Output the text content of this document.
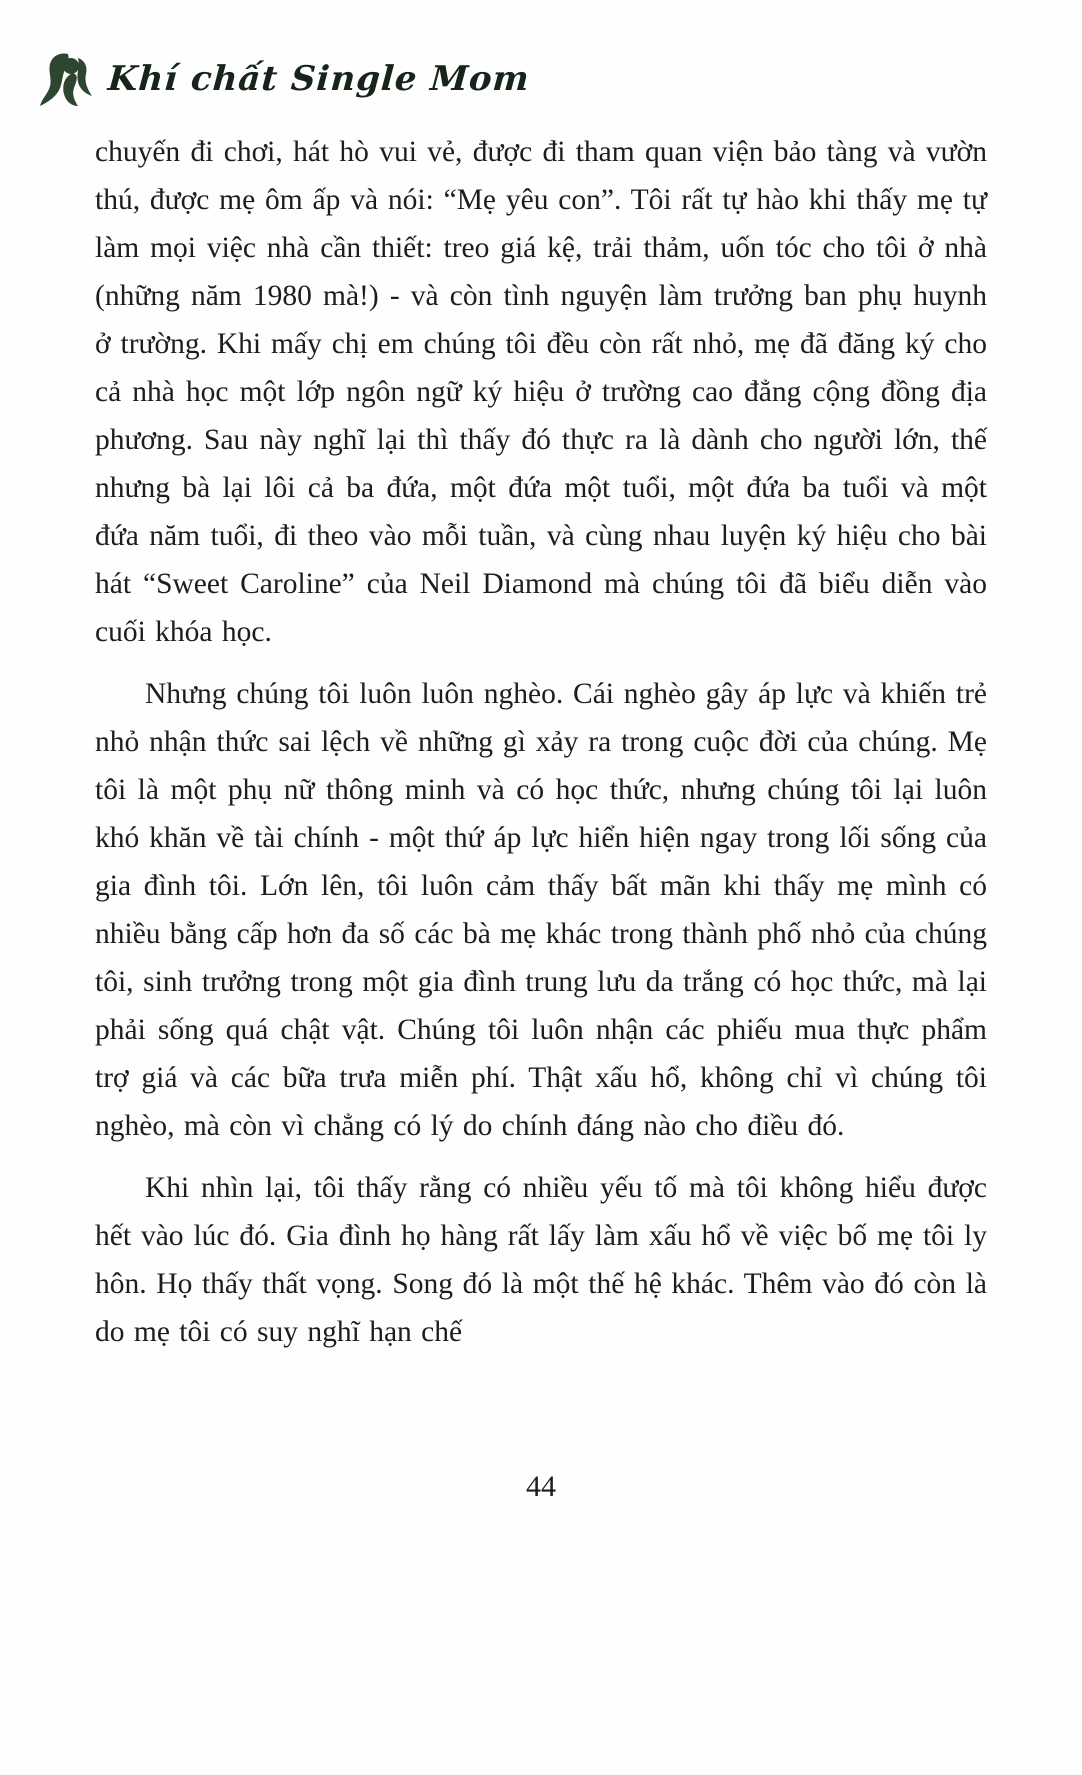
Khí chất Single Mom

chuyến đi chơi, hát hò vui vẻ, được đi tham quan viện bảo tàng và vườn thú, được mẹ ôm ấp và nói: “Mẹ yêu con”. Tôi rất tự hào khi thấy mẹ tự làm mọi việc nhà cần thiết: treo giá kệ, trải thảm, uốn tóc cho tôi ở nhà (những năm 1980 mà!) - và còn tình nguyện làm trưởng ban phụ huynh ở trường. Khi mấy chị em chúng tôi đều còn rất nhỏ, mẹ đã đăng ký cho cả nhà học một lớp ngôn ngữ ký hiệu ở trường cao đẳng cộng đồng địa phương. Sau này nghĩ lại thì thấy đó thực ra là dành cho người lớn, thế nhưng bà lại lôi cả ba đứa, một đứa một tuổi, một đứa ba tuổi và một đứa năm tuổi, đi theo vào mỗi tuần, và cùng nhau luyện ký hiệu cho bài hát “Sweet Caroline” của Neil Diamond mà chúng tôi đã biểu diễn vào cuối khóa học.

Nhưng chúng tôi luôn luôn nghèo. Cái nghèo gây áp lực và khiến trẻ nhỏ nhận thức sai lệch về những gì xảy ra trong cuộc đời của chúng. Mẹ tôi là một phụ nữ thông minh và có học thức, nhưng chúng tôi lại luôn khó khăn về tài chính - một thứ áp lực hiển hiện ngay trong lối sống của gia đình tôi. Lớn lên, tôi luôn cảm thấy bất mãn khi thấy mẹ mình có nhiều bằng cấp hơn đa số các bà mẹ khác trong thành phố nhỏ của chúng tôi, sinh trưởng trong một gia đình trung lưu da trắng có học thức, mà lại phải sống quá chật vật. Chúng tôi luôn nhận các phiếu mua thực phẩm trợ giá và các bữa trưa miễn phí. Thật xấu hổ, không chỉ vì chúng tôi nghèo, mà còn vì chẳng có lý do chính đáng nào cho điều đó.

Khi nhìn lại, tôi thấy rằng có nhiều yếu tố mà tôi không hiểu được hết vào lúc đó. Gia đình họ hàng rất lấy làm xấu hổ về việc bố mẹ tôi ly hôn. Họ thấy thất vọng. Song đó là một thế hệ khác. Thêm vào đó còn là do mẹ tôi có suy nghĩ hạn chế

44
